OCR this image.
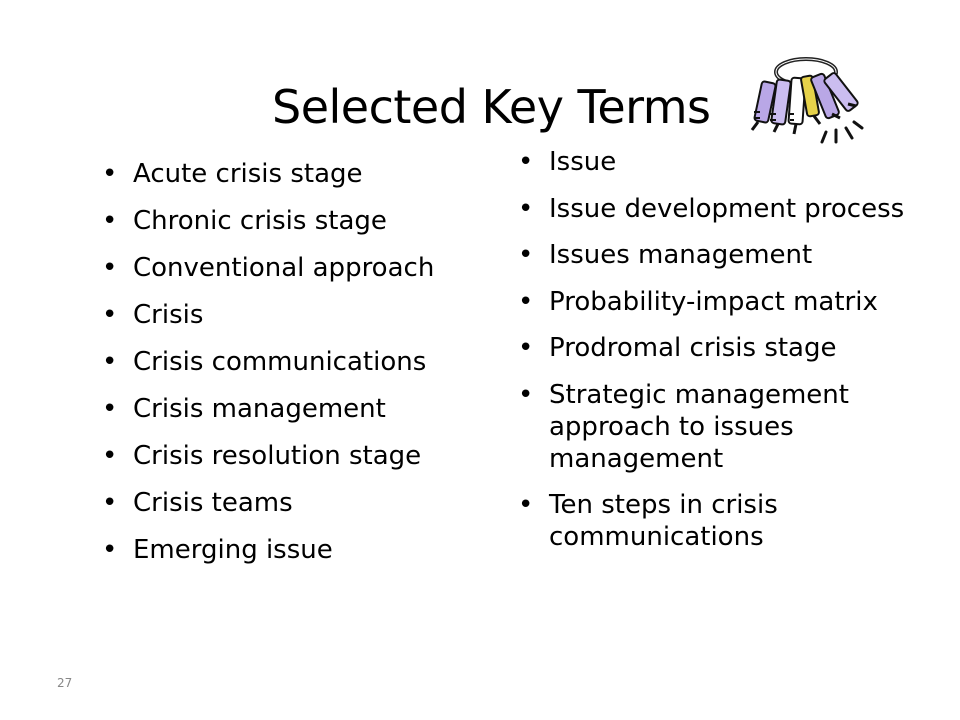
Selected Key Terms
• Acute crisis stage
• Chronic crisis stage
• Conventional approach
• Crisis
• Crisis communications
• Crisis management
• Crisis resolution stage
• Crisis teams
• Emerging issue
• Issue
• Issue development process
• Issues management
• Probability-impact matrix
• Prodromal crisis stage
• Strategic management approach to issues management
• Ten steps in crisis communications
27
